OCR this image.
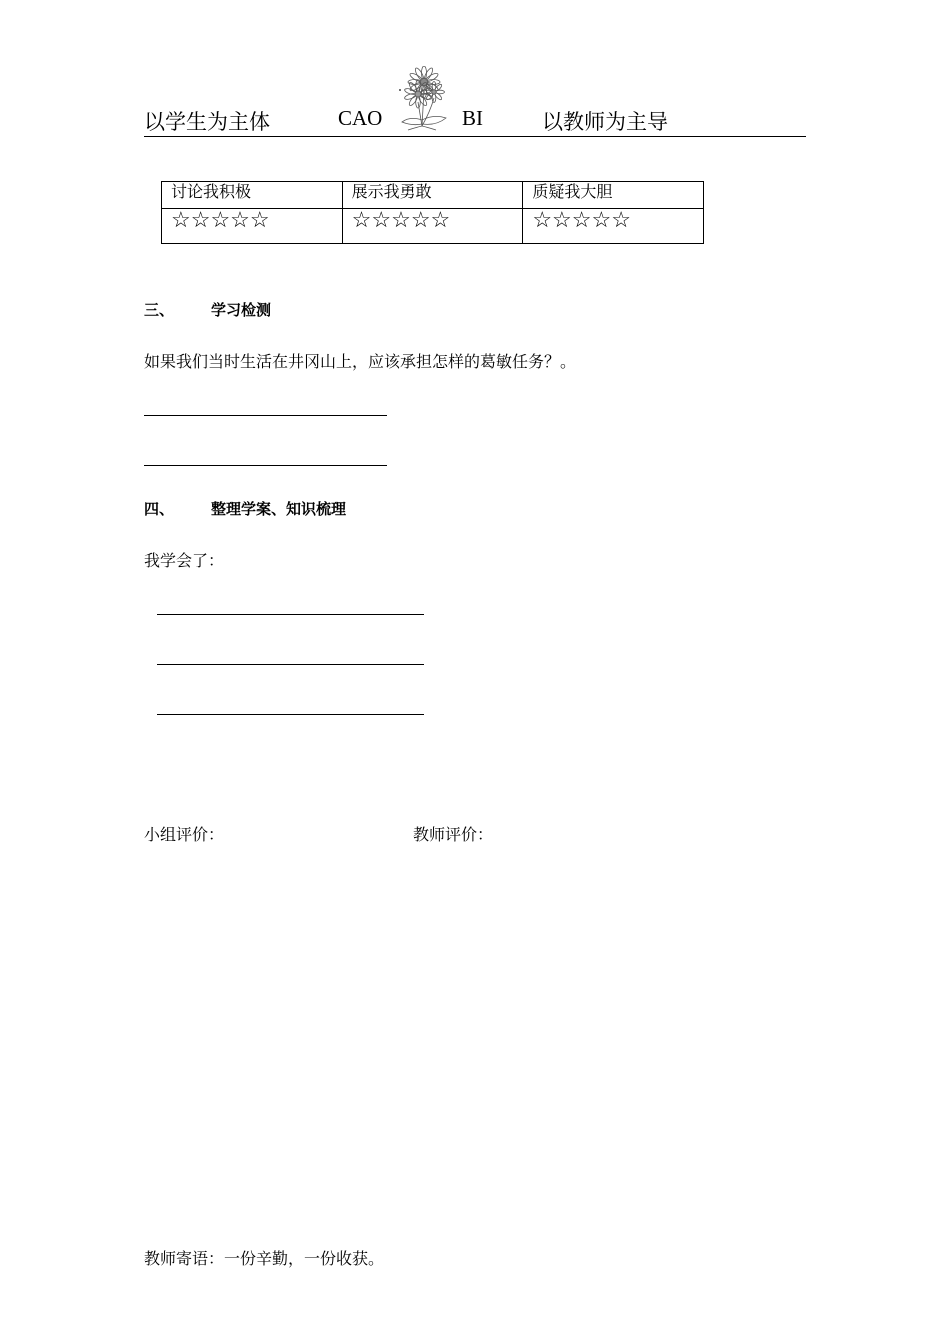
以学生为主体	CAO	BI	以教师为主导
讨论我积极	展示我勇敢	质疑我大胆
☆☆☆☆☆	☆☆☆☆☆	☆☆☆☆☆
三、 学习检测
如果我们当时生活在井冈山上，应该承担怎样的葛敏任务？。
四、 整理学案、知识梳理
我学会了：
小组评价：	教师评价：
教师寄语：一份辛勤，一份收获。
